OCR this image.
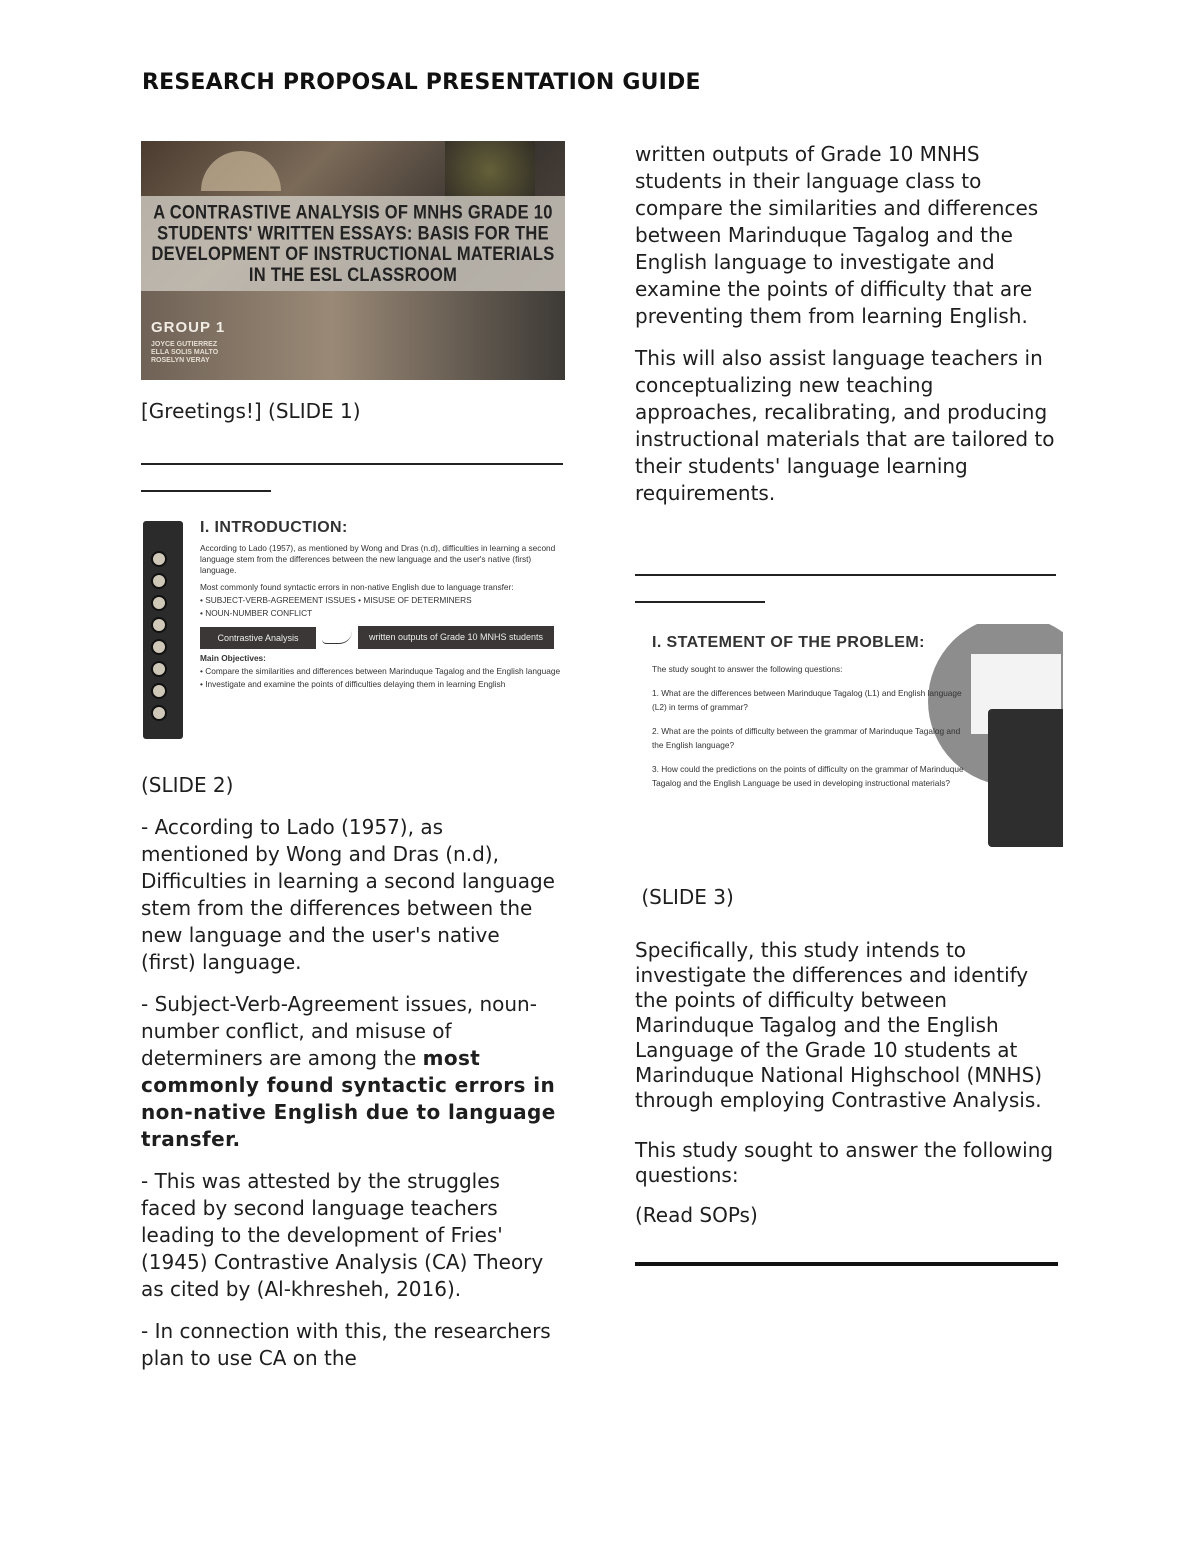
RESEARCH PROPOSAL PRESENTATION GUIDE
A CONTRASTIVE ANALYSIS OF MNHS GRADE 10 STUDENTS' WRITTEN ESSAYS: BASIS FOR THE DEVELOPMENT OF INSTRUCTIONAL MATERIALS IN THE ESL CLASSROOM
GROUP 1
JOYCE GUTIERREZ
ELLA SOLIS MALTO
ROSELYN VERAY
[Greetings!] (SLIDE 1)
I. INTRODUCTION:
According to Lado (1957), as mentioned by Wong and Dras (n.d), difficulties in learning a second language stem from the differences between the new language and the user's native (first) language.
Most commonly found syntactic errors in non-native English due to language transfer:
• SUBJECT-VERB-AGREEMENT ISSUES • MISUSE OF DETERMINERS
• NOUN-NUMBER CONFLICT
Contrastive Analysis	written outputs of Grade 10 MNHS students
Main Objectives:
• Compare the similarities and differences between Marinduque Tagalog and the English language
• Investigate and examine the points of difficulties delaying them in learning English
(SLIDE 2)

- According to Lado (1957), as mentioned by Wong and Dras (n.d), Difficulties in learning a second language stem from the differences between the new language and the user's native (first) language.

- Subject-Verb-Agreement issues, noun-number conflict, and misuse of determiners are among the most commonly found syntactic errors in non-native English due to language transfer.

- This was attested by the struggles faced by second language teachers leading to the development of Fries' (1945) Contrastive Analysis (CA) Theory as cited by (Al-khresheh, 2016).

- In connection with this, the researchers plan to use CA on the

written outputs of Grade 10 MNHS students in their language class to compare the similarities and differences between Marinduque Tagalog and the English language to investigate and examine the points of difficulty that are preventing them from learning English.

This will also assist language teachers in conceptualizing new teaching approaches, recalibrating, and producing instructional materials that are tailored to their students' language learning requirements.

I. STATEMENT OF THE PROBLEM:
The study sought to answer the following questions:
1. What are the differences between Marinduque Tagalog (L1) and English language (L2) in terms of grammar?
2. What are the points of difficulty between the grammar of Marinduque Tagalog and the English language?
3. How could the predictions on the points of difficulty on the grammar of Marinduque Tagalog and the English Language be used in developing instructional materials?
(SLIDE 3)

Specifically, this study intends to investigate the differences and identify the points of difficulty between Marinduque Tagalog and the English Language of the Grade 10 students at Marinduque National Highschool (MNHS) through employing Contrastive Analysis.

This study sought to answer the following questions:

(Read SOPs)
